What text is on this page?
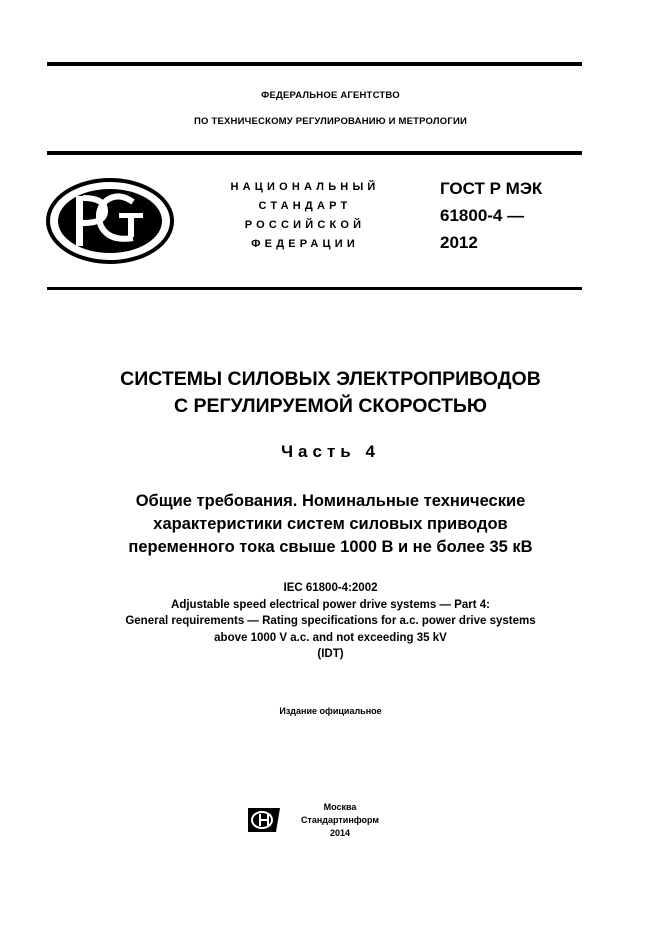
ФЕДЕРАЛЬНОЕ АГЕНТСТВО
ПО ТЕХНИЧЕСКОМУ РЕГУЛИРОВАНИЮ И МЕТРОЛОГИИ
НАЦИОНАЛЬНЫЙ
СТАНДАРТ
РОССИЙСКОЙ
ФЕДЕРАЦИИ
ГОСТ Р МЭК
61800-4 —
2012
СИСТЕМЫ СИЛОВЫХ ЭЛЕКТРОПРИВОДОВ
С РЕГУЛИРУЕМОЙ СКОРОСТЬЮ
Часть 4
Общие требования. Номинальные технические
характеристики систем силовых приводов
переменного тока свыше 1000 В и не более 35 кВ
IEC 61800-4:2002
Adjustable speed electrical power drive systems — Part 4:
General requirements — Rating specifications for a.c. power drive systems
above 1000 V a.c. and not exceeding 35 kV
(IDT)
Издание официальное
Москва
Стандартинформ
2014
